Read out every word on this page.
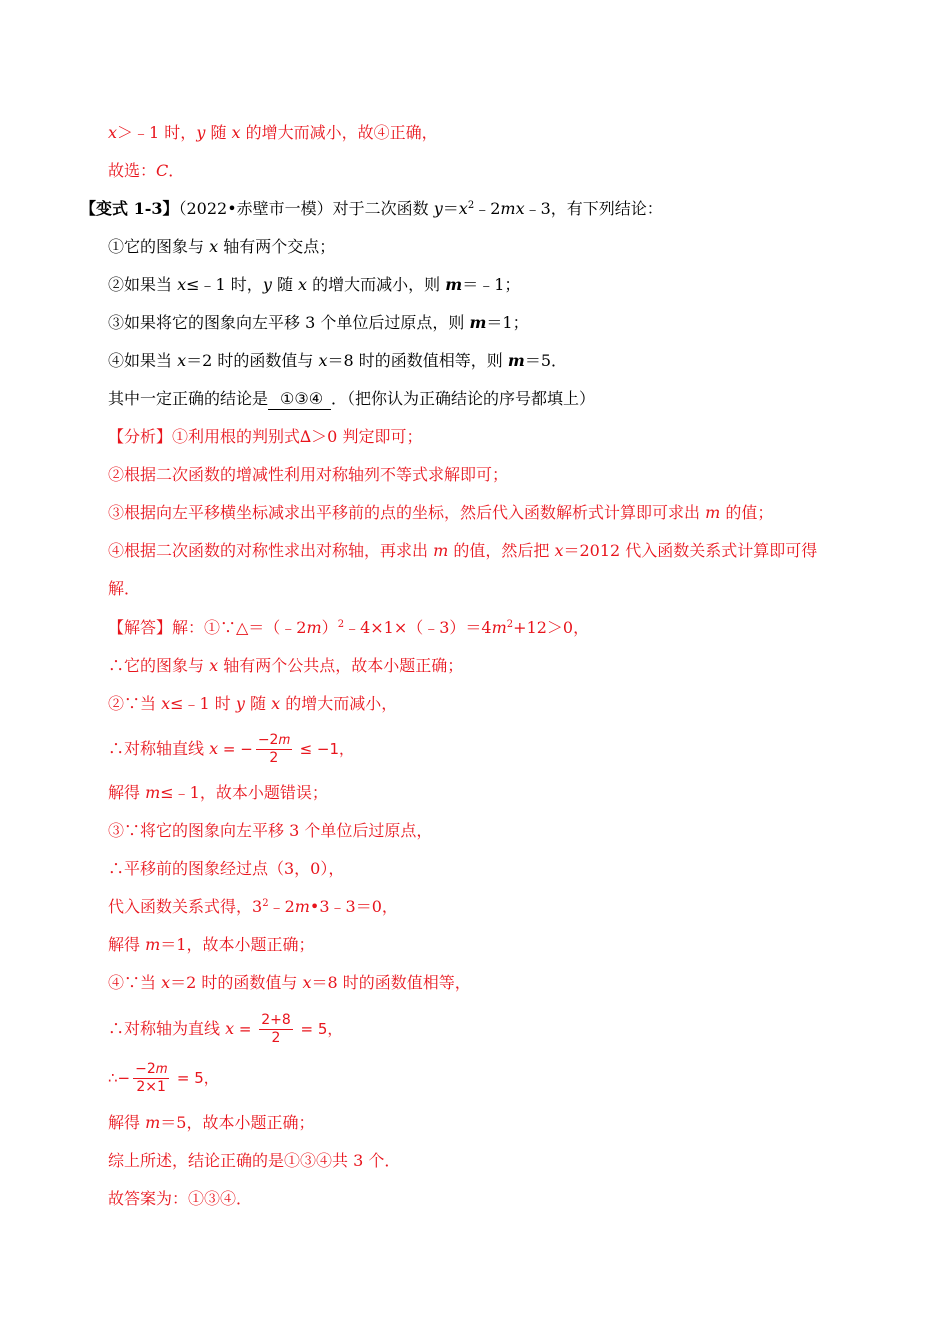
x＞﹣1 时，y 随 x 的增大而减小，故④正确，
故选：C．
【变式 1-3】（2022•赤壁市一模）对于二次函数 $y=x^2﹣2mx﹣3$，有下列结论：
①它的图象与 x 轴有两个交点；
②如果当 x≤﹣1 时，y 随 x 的增大而减小，则 m＝﹣1；
③如果将它的图象向左平移 3 个单位后过原点，则 m＝1；
④如果当 x＝2 时的函数值与 x＝8 时的函数值相等，则 m＝5．
其中一定正确的结论是 ①③④ ．（把你认为正确结论的序号都填上）
【分析】①利用根的判别式∆＞0 判定即可；
②根据二次函数的增减性利用对称轴列不等式求解即可；
③根据向左平移横坐标减求出平移前的点的坐标，然后代入函数解析式计算即可求出 m 的值；
④根据二次函数的对称性求出对称轴，再求出 m 的值，然后把 x＝2012 代入函数关系式计算即可得
解．
【解答】解：$①\because\triangle=(﹣2m)^2﹣4\times 1\times(﹣3)=4m^2+12>0$，
∴它的图象与 x 轴有两个公共点，故本小题正确；
②∵当 x≤﹣1 时 y 随 x 的增大而减小，
∴对称轴直线 x = − $\frac{\text{−2𝑚}}{2} \le -1$，
解得 m≤﹣1，故本小题错误；
③∵将它的图象向左平移 3 个单位后过原点，
∴平移前的图象经过点（3，0），
代入函数关系式得，$3^2﹣2m•3﹣3=0$，
解得 m＝1，故本小题正确；
④∵当 x＝2 时的函数值与 x＝8 时的函数值相等，
∴对称轴为直线 $x = \frac{2+8}{2} = 5$，
∴− $\frac{\text{−2𝑚}}{2\times 1} = 5$，
解得 m＝5，故本小题正确；
综上所述，结论正确的是①③④共 3 个．
故答案为：①③④．
